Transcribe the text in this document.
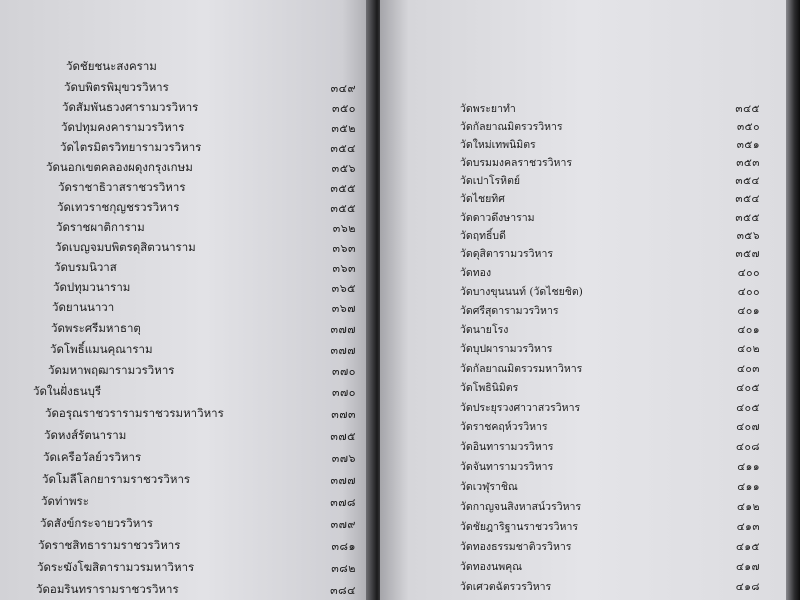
วัดชัยชนะสงคราม
วัดบพิตรพิมุขวรวิหาร	๓๔๙
วัดสัมพันธวงศารามวรวิหาร	๓๕๐
วัดปทุมคงคารามวรวิหาร	๓๕๒
วัดไตรมิตรวิทยารามวรวิหาร	๓๕๔
วัดนอกเขตคลองผดุงกรุงเกษม	๓๕๖
วัดราชาธิวาสราชวรวิหาร	๓๕๕
วัดเทวราชกุญชรวรวิหาร	๓๕๕
วัดราชผาติการาม	๓๖๒
วัดเบญจมบพิตรดุสิตวนาราม	๓๖๓
วัดบรมนิวาส	๓๖๓
วัดปทุมวนาราม	๓๖๕
วัดยานนาวา	๓๖๗
วัดพระศรีมหาธาตุ	๓๗๗
วัดโพธิ์แมนคุณาราม	๓๗๗
วัดมหาพฤฒารามวรวิหาร	๓๗๐
วัดในฝั่งธนบุรี	๓๗๐
วัดอรุณราชวรารามราชวรมหาวิหาร	๓๗๓
วัดหงส์รัตนาราม	๓๗๕
วัดเครือวัลย์วรวิหาร	๓๗๖
วัดโมลีโลกยารามราชวรวิหาร	๓๗๗
วัดท่าพระ	๓๗๘
วัดสังข์กระจายวรวิหาร	๓๗๙
วัดราชสิทธารามราชวรวิหาร	๓๘๑
วัดระฆังโฆสิตารามวรมหาวิหาร	๓๘๒
วัดอมรินทรารามราชวรวิหาร	๓๘๔
วัดพระยาทำ	๓๔๕
วัดกัลยาณมิตรวรวิหาร	๓๕๐
วัดใหม่เทพนิมิตร	๓๕๑
วัดบรมมงคลราชวรวิหาร	๓๕๓
วัดเปาโรหิตย์	๓๕๔
วัดไชยทิศ	๓๕๔
วัดดาวดึงษาราม	๓๕๕
วัดฤทธิ์บดี	๓๕๖
วัดดุสิตารามวรวิหาร	๓๕๗
วัดทอง	๔๐๐
วัดบางขุนนนท์ (วัดไชยชิต)	๔๐๐
วัดศรีสุดารามวรวิหาร	๔๐๑
วัดนายโรง	๔๐๑
วัดบุปผารามวรวิหาร	๔๐๒
วัดกัลยาณมิตรวรมหาวิหาร	๔๐๓
วัดโพธินิมิตร	๔๐๕
วัดประยุรวงศาวาสวรวิหาร	๔๐๕
วัดราชคฤห์วรวิหาร	๔๐๗
วัดอินทารามวรวิหาร	๔๐๘
วัดจันทารามวรวิหาร	๔๑๑
วัดเวฬุราชิณ	๔๑๑
วัดกาญจนสิงหาสน์วรวิหาร	๔๑๒
วัดชัยฎาริฐานราชวรวิหาร	๔๑๓
วัดทองธรรมชาติวรวิหาร	๔๑๕
วัดทองนพคุณ	๔๑๗
วัดเศวตฉัตรวรวิหาร	๔๑๘
